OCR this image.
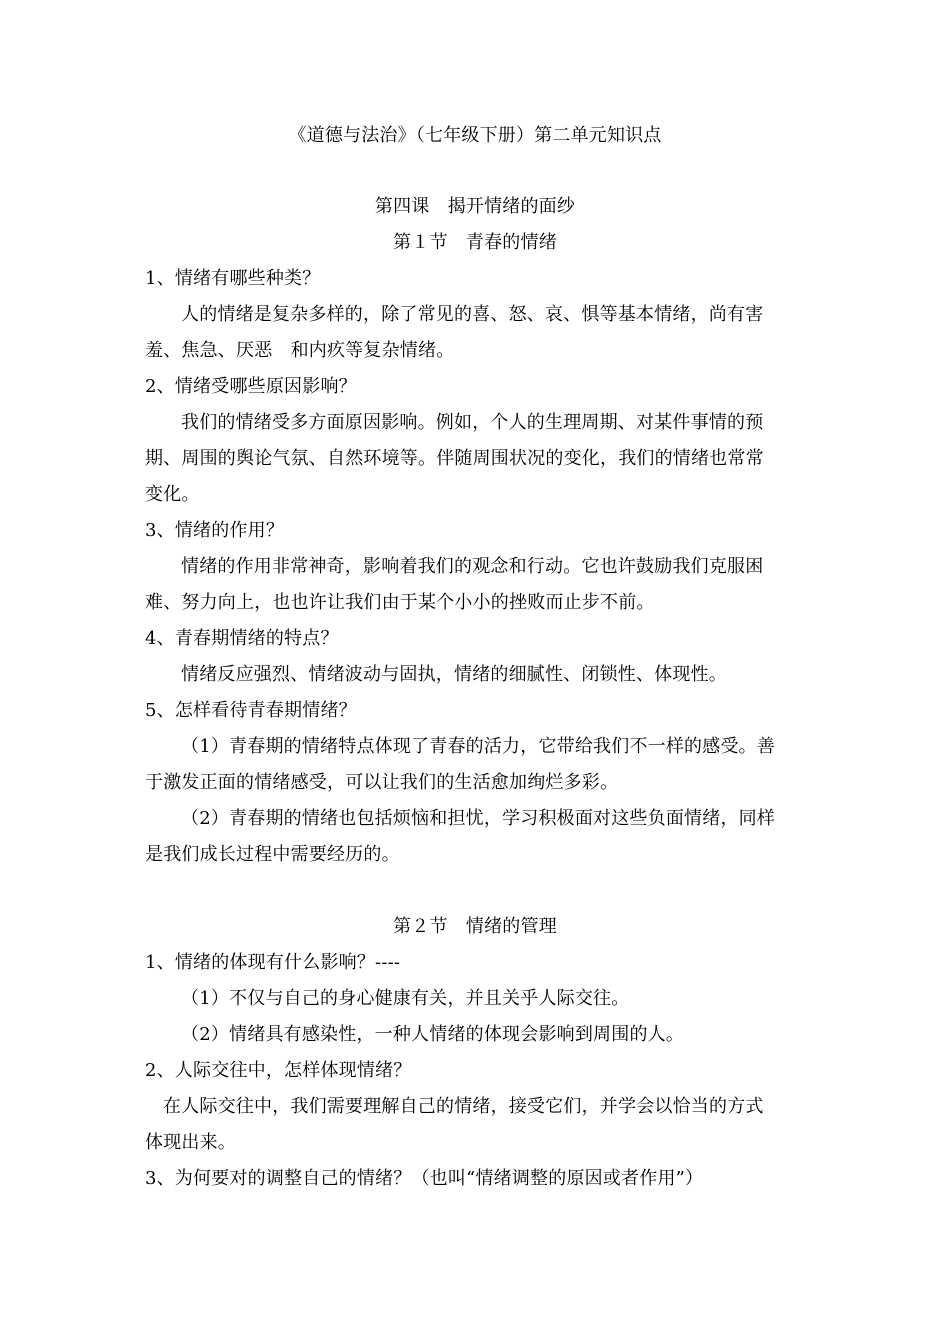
《道德与法治》（七年级下册）第二单元知识点
第四课　揭开情绪的面纱
第１节　青春的情绪
1、情绪有哪些种类？
人的情绪是复杂多样的，除了常见的喜、怒、哀、惧等基本情绪，尚有害
羞、焦急、厌恶　和内疚等复杂情绪。
2、情绪受哪些原因影响？
我们的情绪受多方面原因影响。例如，个人的生理周期、对某件事情的预
期、周围的舆论气氛、自然环境等。伴随周围状况的变化，我们的情绪也常常
变化。
3、情绪的作用？
情绪的作用非常神奇，影响着我们的观念和行动。它也许鼓励我们克服困
难、努力向上，也也许让我们由于某个小小的挫败而止步不前。
4、青春期情绪的特点？
情绪反应强烈、情绪波动与固执，情绪的细腻性、闭锁性、体现性。
5、怎样看待青春期情绪？
（1）青春期的情绪特点体现了青春的活力，它带给我们不一样的感受。善
于激发正面的情绪感受，可以让我们的生活愈加绚烂多彩。
（2）青春期的情绪也包括烦恼和担忧，学习积极面对这些负面情绪，同样
是我们成长过程中需要经历的。
第２节　情绪的管理
1、情绪的体现有什么影响？----
（1）不仅与自己的身心健康有关，并且关乎人际交往。
（2）情绪具有感染性，一种人情绪的体现会影响到周围的人。
2、人际交往中，怎样体现情绪？
在人际交往中，我们需要理解自己的情绪，接受它们，并学会以恰当的方式
体现出来。
3、为何要对的调整自己的情绪？（也叫“情绪调整的原因或者作用”）
